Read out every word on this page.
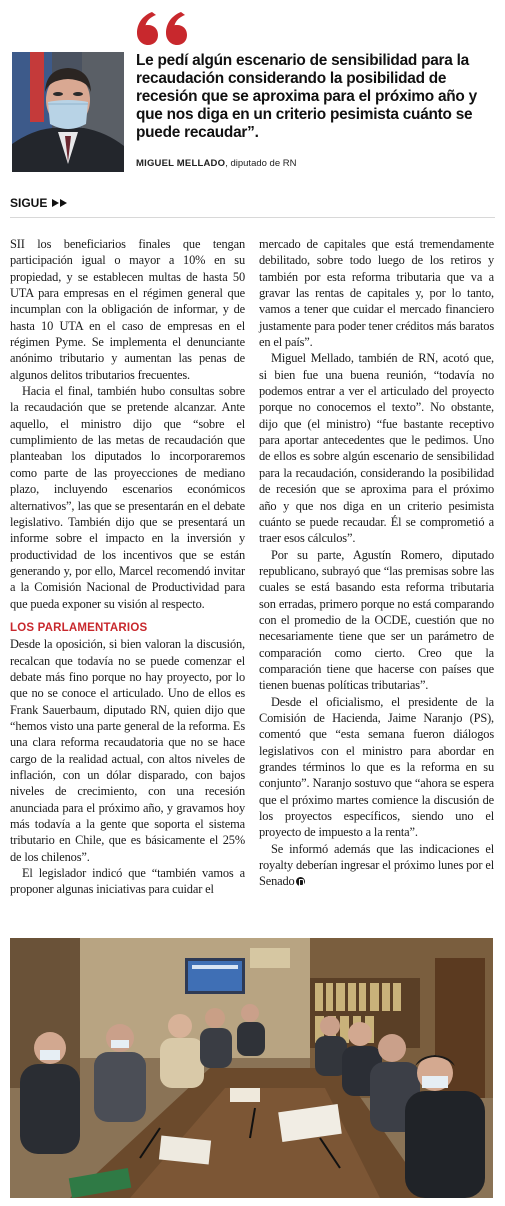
Le pedí algún escenario de sensibilidad para la recaudación considerando la posibilidad de recesión que se aproxima para el próximo año y que nos diga en un criterio pesimista cuánto se puede recaudar”.
MIGUEL MELLADO, diputado de RN
SIGUE

SII los beneficiarios finales que tengan participación igual o mayor a 10% en su propiedad, y se establecen multas de hasta 50 UTA para empresas en el régimen general que incumplan con la obligación de informar, y de hasta 10 UTA en el caso de empresas en el régimen Pyme. Se implementa el denunciante anónimo tributario y aumentan las penas de algunos delitos tributarios frecuentes.

Hacia el final, también hubo consultas sobre la recaudación que se pretende alcanzar. Ante aquello, el ministro dijo que “sobre el cumplimiento de las metas de recaudación que planteaban los diputados lo incorporaremos como parte de las proyecciones de mediano plazo, incluyendo escenarios económicos alternativos”, las que se presentarán en el debate legislativo. También dijo que se presentará un informe sobre el impacto en la inversión y productividad de los incentivos que se están generando y, por ello, Marcel recomendó invitar a la Comisión Nacional de Productividad para que pueda exponer su visión al respecto.

LOS PARLAMENTARIOS

Desde la oposición, si bien valoran la discusión, recalcan que todavía no se puede comenzar el debate más fino porque no hay proyecto, por lo que no se conoce el articulado. Uno de ellos es Frank Sauerbaum, diputado RN, quien dijo que “hemos visto una parte general de la reforma. Es una clara reforma recaudatoria que no se hace cargo de la realidad actual, con altos niveles de inflación, con un dólar disparado, con bajos niveles de crecimiento, con una recesión anunciada para el próximo año, y gravamos hoy más todavía a la gente que soporta el sistema tributario en Chile, que es básicamente el 25% de los chilenos”.

El legislador indicó que “también vamos a proponer algunas iniciativas para cuidar el

mercado de capitales que está tremendamente debilitado, sobre todo luego de los retiros y también por esta reforma tributaria que va a gravar las rentas de capitales y, por lo tanto, vamos a tener que cuidar el mercado financiero justamente para poder tener créditos más baratos en el país”.

Miguel Mellado, también de RN, acotó que, si bien fue una buena reunión, “todavía no podemos entrar a ver el articulado del proyecto porque no conocemos el texto”. No obstante, dijo que (el ministro) “fue bastante receptivo para aportar antecedentes que le pedimos. Uno de ellos es sobre algún escenario de sensibilidad para la recaudación, considerando la posibilidad de recesión que se aproxima para el próximo año y que nos diga en un criterio pesimista cuánto se puede recaudar. Él se comprometió a traer esos cálculos”.

Por su parte, Agustín Romero, diputado republicano, subrayó que “las premisas sobre las cuales se está basando esta reforma tributaria son erradas, primero porque no está comparando con el promedio de la OCDE, cuestión que no necesariamente tiene que ser un parámetro de comparación como cierto. Creo que la comparación tiene que hacerse con países que tienen buenas políticas tributarias”.

Desde el oficialismo, el presidente de la Comisión de Hacienda, Jaime Naranjo (PS), comentó que “esta semana fueron diálogos legislativos con el ministro para abordar en grandes términos lo que es la reforma en su conjunto”. Naranjo sostuvo que “ahora se espera que el próximo martes comience la discusión de los proyectos específicos, siendo uno el proyecto de impuesto a la renta”.

Se informó además que las indicaciones el royalty deberían ingresar el próximo lunes por el Senado
